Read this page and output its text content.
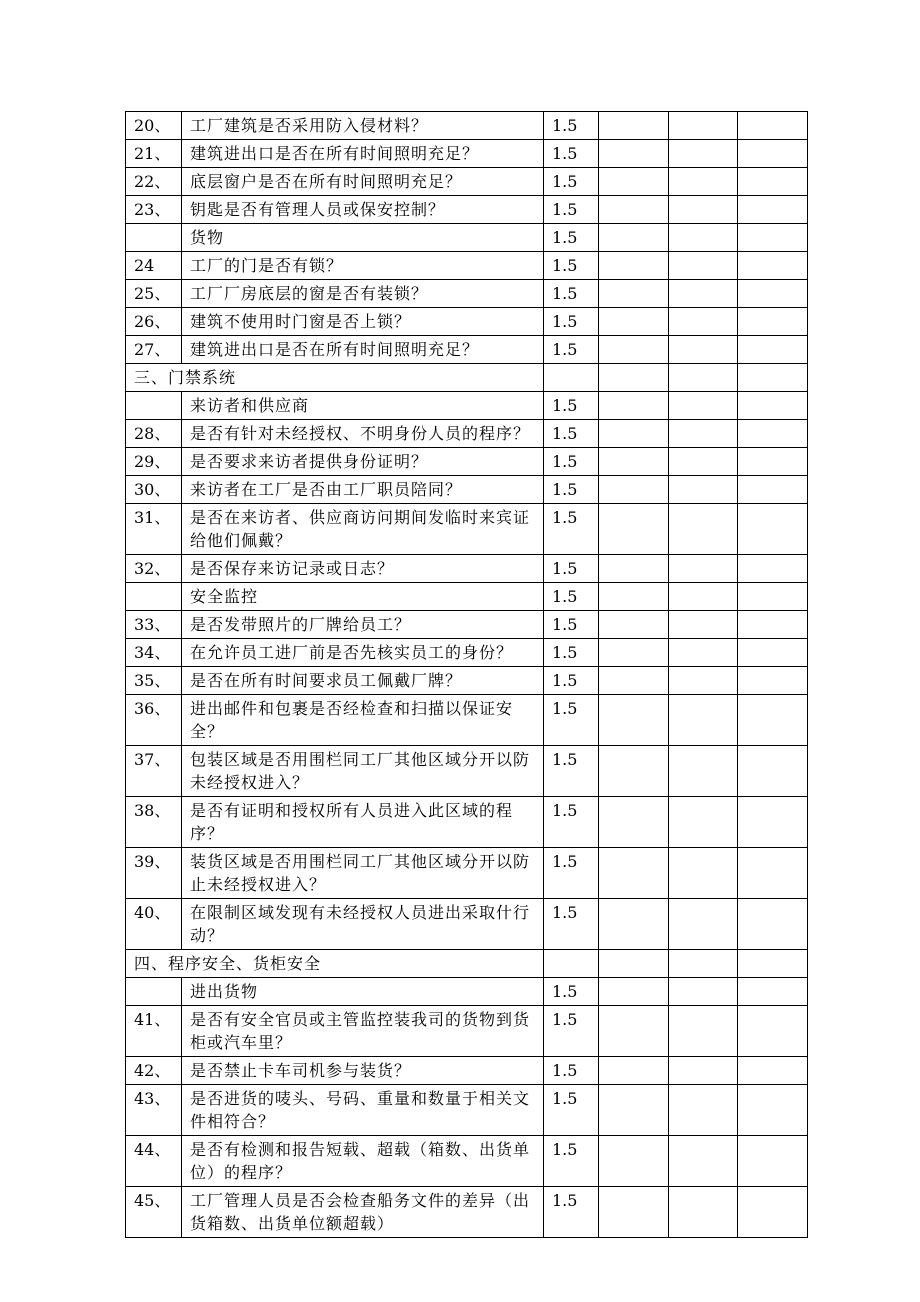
20、	工厂建筑是否采用防入侵材料？	1.5			
21、	建筑进出口是否在所有时间照明充足？	1.5			
22、	底层窗户是否在所有时间照明充足？	1.5			
23、	钥匙是否有管理人员或保安控制？	1.5			
	货物	1.5			
24	工厂的门是否有锁？	1.5			
25、	工厂厂房底层的窗是否有装锁？	1.5			
26、	建筑不使用时门窗是否上锁？	1.5			
27、	建筑进出口是否在所有时间照明充足？	1.5			
三、门禁系统					
	来访者和供应商	1.5			
28、	是否有针对未经授权、不明身份人员的程序？	1.5			
29、	是否要求来访者提供身份证明？	1.5			
30、	来访者在工厂是否由工厂职员陪同？	1.5			
31、	是否在来访者、供应商访问期间发临时来宾证给他们佩戴？	1.5			
32、	是否保存来访记录或日志？	1.5			
	安全监控	1.5			
33、	是否发带照片的厂牌给员工？	1.5			
34、	在允许员工进厂前是否先核实员工的身份？	1.5			
35、	是否在所有时间要求员工佩戴厂牌？	1.5			
36、	进出邮件和包裹是否经检查和扫描以保证安全？	1.5			
37、	包装区域是否用围栏同工厂其他区域分开以防未经授权进入？	1.5			
38、	是否有证明和授权所有人员进入此区域的程序？	1.5			
39、	装货区域是否用围栏同工厂其他区域分开以防止未经授权进入？	1.5			
40、	在限制区域发现有未经授权人员进出采取什行动？	1.5			
四、程序安全、货柜安全					
	进出货物	1.5			
41、	是否有安全官员或主管监控装我司的货物到货柜或汽车里？	1.5			
42、	是否禁止卡车司机参与装货？	1.5			
43、	是否进货的唛头、号码、重量和数量于相关文件相符合？	1.5			
44、	是否有检测和报告短载、超载（箱数、出货单位）的程序？	1.5			
45、	工厂管理人员是否会检查船务文件的差异（出货箱数、出货单位额超载）	1.5			
